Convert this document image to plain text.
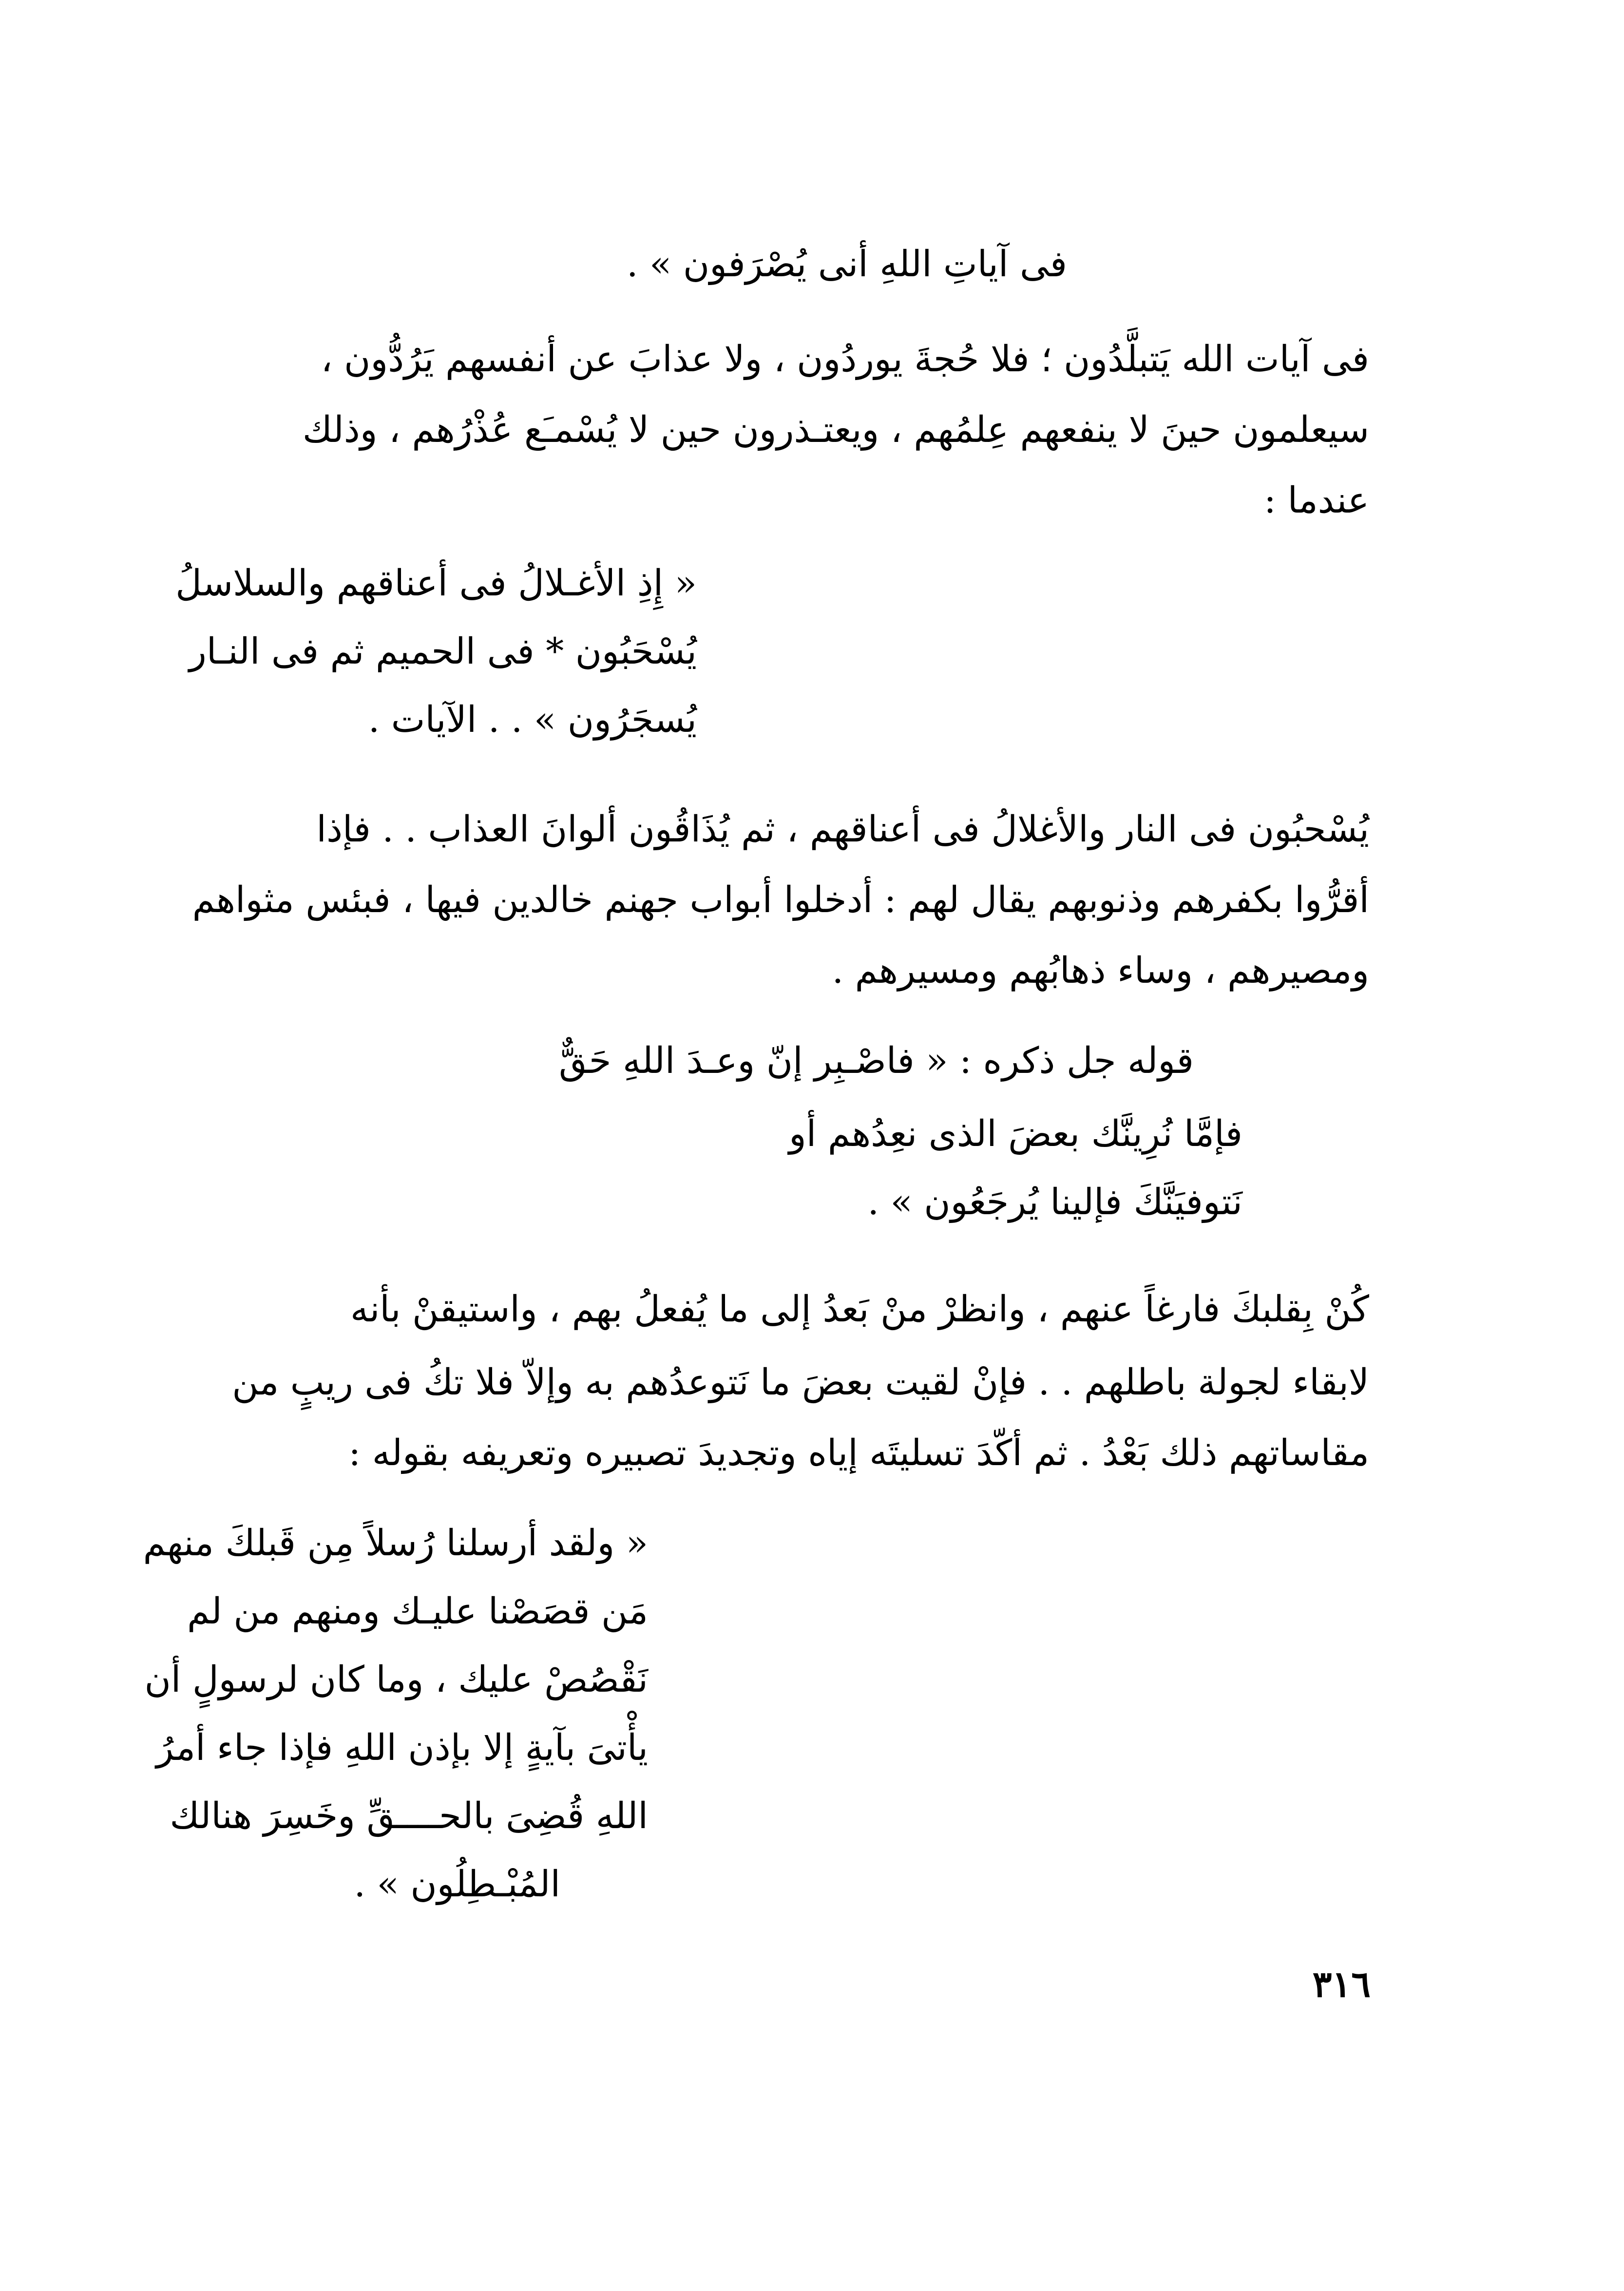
فى آياتِ اللهِ أنى يُصْرَفون » .
فى آيات الله يَتبلَّدُون ؛ فلا حُجةَ يوردُون ، ولا عذابَ عن أنفسهم يَرُدُّون ،
سيعلمون حينَ لا ينفعهم عِلمُهم ، ويعتـذرون حين لا يُسْمـَع عُذْرُهم ، وذلك
عندما :
« إِذِ الأغـلالُ فى أعناقهم والسلاسلُ
يُسْحَبُون * فى الحميم ثم فى النـار
يُسجَرُون » . . الآيات .
يُسْحبُون فى النار والأغلالُ فى أعناقهم ، ثم يُذَاقُون ألوانَ العذاب . . فإذا
أقرُّوا بكفرهم وذنوبهم يقال لهم : أدخلوا أبواب جهنم خالدين فيها ، فبئس مثواهم
ومصيرهم ، وساء ذهابُهم ومسيرهم .
قوله جل ذكره : « فاصْـبِر إنّ وعـدَ اللهِ حَقٌّ
فإمَّا نُرِينَّك بعضَ الذى نعِدُهم أو
نَتوفيَنَّكَ فإلينا يُرجَعُون » .
كُنْ بِقلبكَ فارغاً عنهم ، وانظرْ منْ بَعدُ إلى ما يُفعلُ بهم ، واستيقنْ بأنه
لابقاء لجولة باطلهم . . فإنْ لقيت بعضَ ما نَتوعدُهم به وإلاّ فلا تكُ فى ريبٍ من
مقاساتهم ذلك بَعْدُ . ثم أكّدَ تسليتَه إياه وتجديدَ تصبيره وتعريفه بقوله :
« ولقد أرسلنا رُسلاً مِن قَبلكَ منهم
مَن قصَصْنا عليـك ومنهم من لم
نَقْصُصْ عليك ، وما كان لرسولٍ أن
يأْتىَ بآيةٍ إلا بإذن اللهِ فإذا جاء أمرُ
اللهِ قُضِىَ بالحــــقِّ وخَسِرَ هنالك
المُبْـطِلُون » .
٣١٦
